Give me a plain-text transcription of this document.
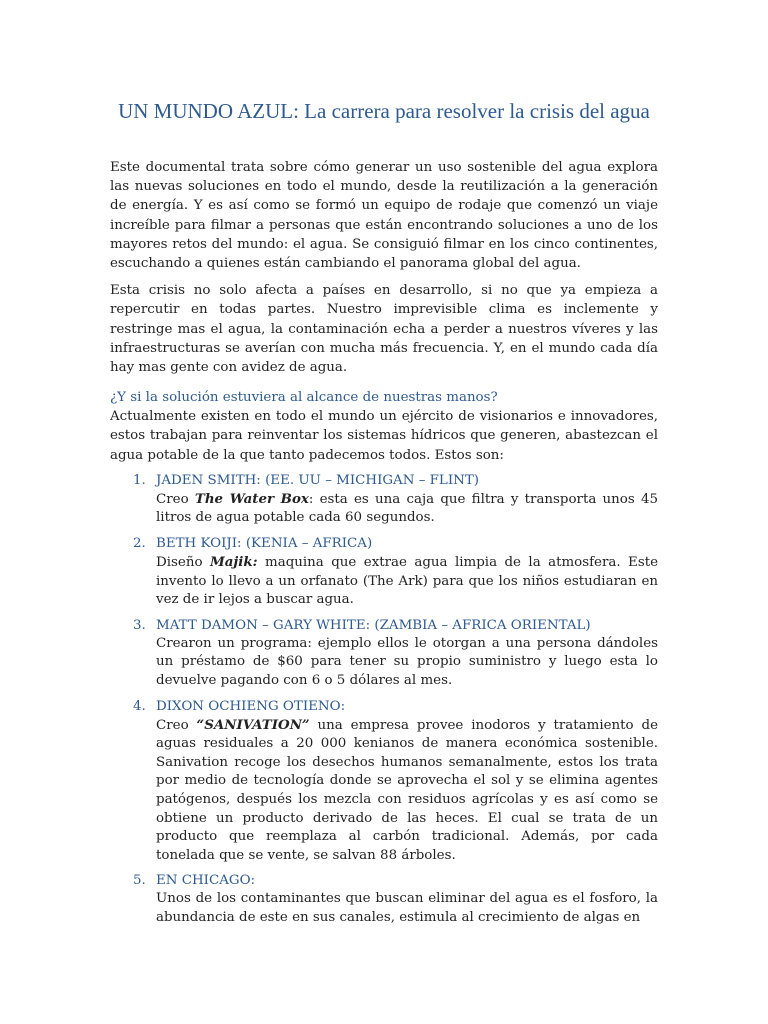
UN MUNDO AZUL: La carrera para resolver la crisis del agua

Este documental trata sobre cómo generar un uso sostenible del agua explora las nuevas soluciones en todo el mundo, desde la reutilización a la generación de energía. Y es así como se formó un equipo de rodaje que comenzó un viaje increíble para filmar a personas que están encontrando soluciones a uno de los mayores retos del mundo: el agua. Se consiguió filmar en los cinco continentes, escuchando a quienes están cambiando el panorama global del agua.

Esta crisis no solo afecta a países en desarrollo, si no que ya empieza a repercutir en todas partes. Nuestro imprevisible clima es inclemente y restringe mas el agua, la contaminación echa a perder a nuestros víveres y las infraestructuras se averían con mucha más frecuencia. Y, en el mundo cada día hay mas gente con avidez de agua.

¿Y si la solución estuviera al alcance de nuestras manos?

Actualmente existen en todo el mundo un ejército de visionarios e innovadores, estos trabajan para reinventar los sistemas hídricos que generen, abastezcan el agua potable de la que tanto padecemos todos. Estos son:

1. JADEN SMITH: (EE. UU – MICHIGAN – FLINT)
Creo The Water Box: esta es una caja que filtra y transporta unos 45 litros de agua potable cada 60 segundos.
2. BETH KOIJI: (KENIA – AFRICA)
Diseño Majik: maquina que extrae agua limpia de la atmosfera. Este invento lo llevo a un orfanato (The Ark) para que los niños estudiaran en vez de ir lejos a buscar agua.
3. MATT DAMON – GARY WHITE: (ZAMBIA – AFRICA ORIENTAL)
Crearon un programa: ejemplo ellos le otorgan a una persona dándoles un préstamo de $60 para tener su propio suministro y luego esta lo devuelve pagando con 6 o 5 dólares al mes.
4. DIXON OCHIENG OTIENO:
Creo “SANIVATION” una empresa provee inodoros y tratamiento de aguas residuales a 20 000 kenianos de manera económica sostenible. Sanivation recoge los desechos humanos semanalmente, estos los trata por medio de tecnología donde se aprovecha el sol y se elimina agentes patógenos, después los mezcla con residuos agrícolas y es así como se obtiene un producto derivado de las heces. El cual se trata de un producto que reemplaza al carbón tradicional. Además, por cada tonelada que se vente, se salvan 88 árboles.
5. EN CHICAGO:
Unos de los contaminantes que buscan eliminar del agua es el fosforo, la abundancia de este en sus canales, estimula al crecimiento de algas en
